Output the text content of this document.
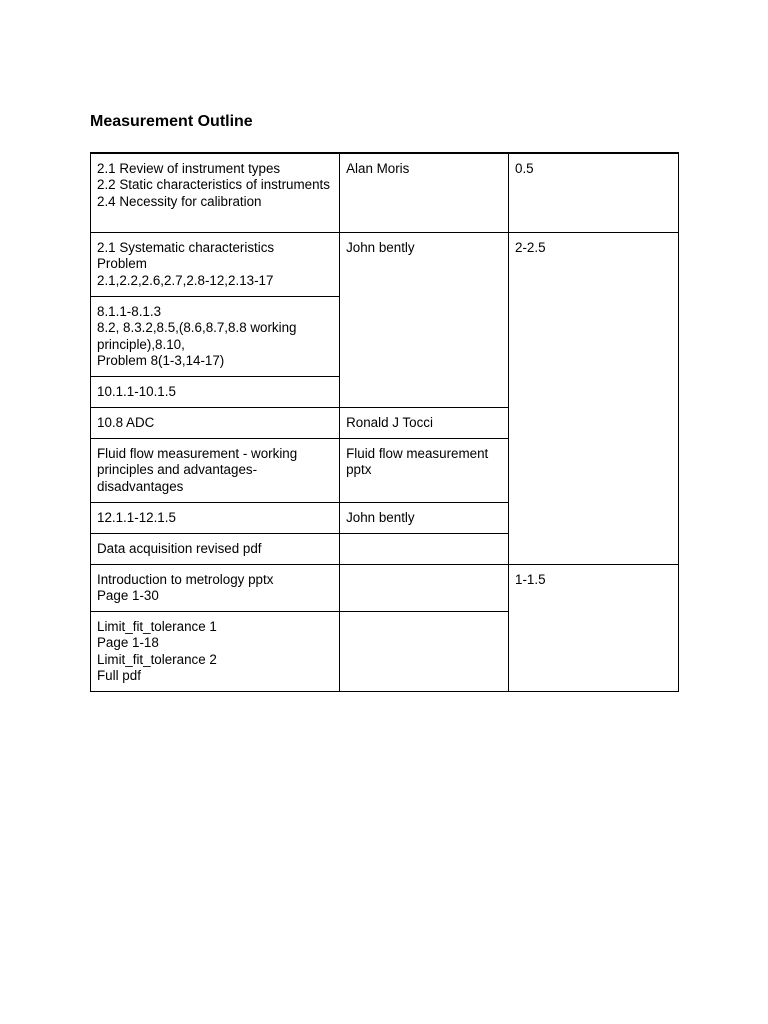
Measurement Outline
2.1 Review of instrument types
2.2 Static characteristics of instruments
2.4 Necessity for calibration	Alan Moris	0.5

2.1 Systematic characteristics
Problem
2.1,2.2,2.6,2.7,2.8-12,2.13-17	John bently	2-2.5

8.1.1-8.1.3
8.2, 8.3.2,8.5,(8.6,8.7,8.8 working principle),8.10,
Problem 8(1-3,14-17)		

10.1.1-10.1.5		

10.8 ADC	Ronald J Tocci	

Fluid flow measurement - working principles and advantages-disadvantages	Fluid flow measurement pptx	

12.1.1-12.1.5	John bently	

Data acquisition revised pdf		

Introduction to metrology pptx
Page 1-30		1-1.5

Limit_fit_tolerance 1
Page 1-18
Limit_fit_tolerance 2
Full pdf		
